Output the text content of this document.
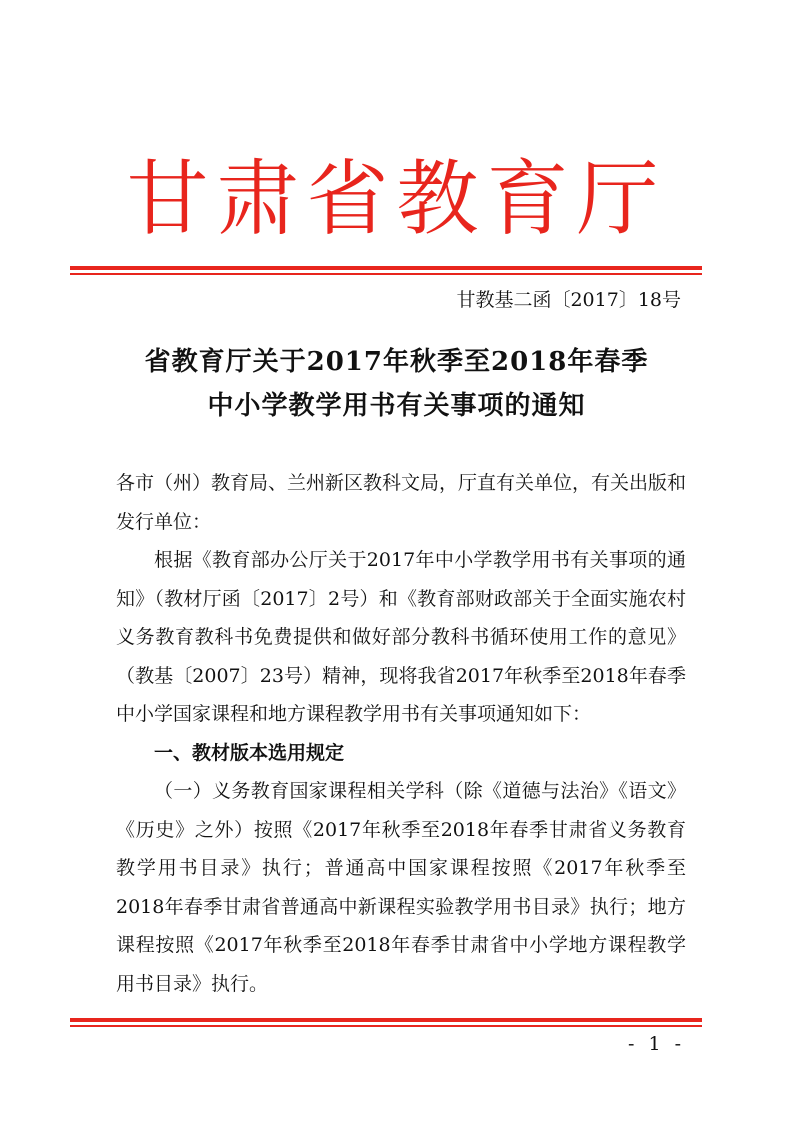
甘肃省教育厅
甘教基二函〔2017〕18号
省教育厅关于2017年秋季至2018年春季
中小学教学用书有关事项的通知

各市（州）教育局、兰州新区教科文局，厅直有关单位，有关出版和发行单位：

根据《教育部办公厅关于2017年中小学教学用书有关事项的通知》（教材厅函〔2017〕2号）和《教育部财政部关于全面实施农村义务教育教科书免费提供和做好部分教科书循环使用工作的意见》（教基〔2007〕23号）精神，现将我省2017年秋季至2018年春季中小学国家课程和地方课程教学用书有关事项通知如下：

一、教材版本选用规定

（一）义务教育国家课程相关学科（除《道德与法治》《语文》《历史》之外）按照《2017年秋季至2018年春季甘肃省义务教育教学用书目录》执行；普通高中国家课程按照《2017年秋季至2018年春季甘肃省普通高中新课程实验教学用书目录》执行；地方课程按照《2017年秋季至2018年春季甘肃省中小学地方课程教学用书目录》执行。

- 1 -
